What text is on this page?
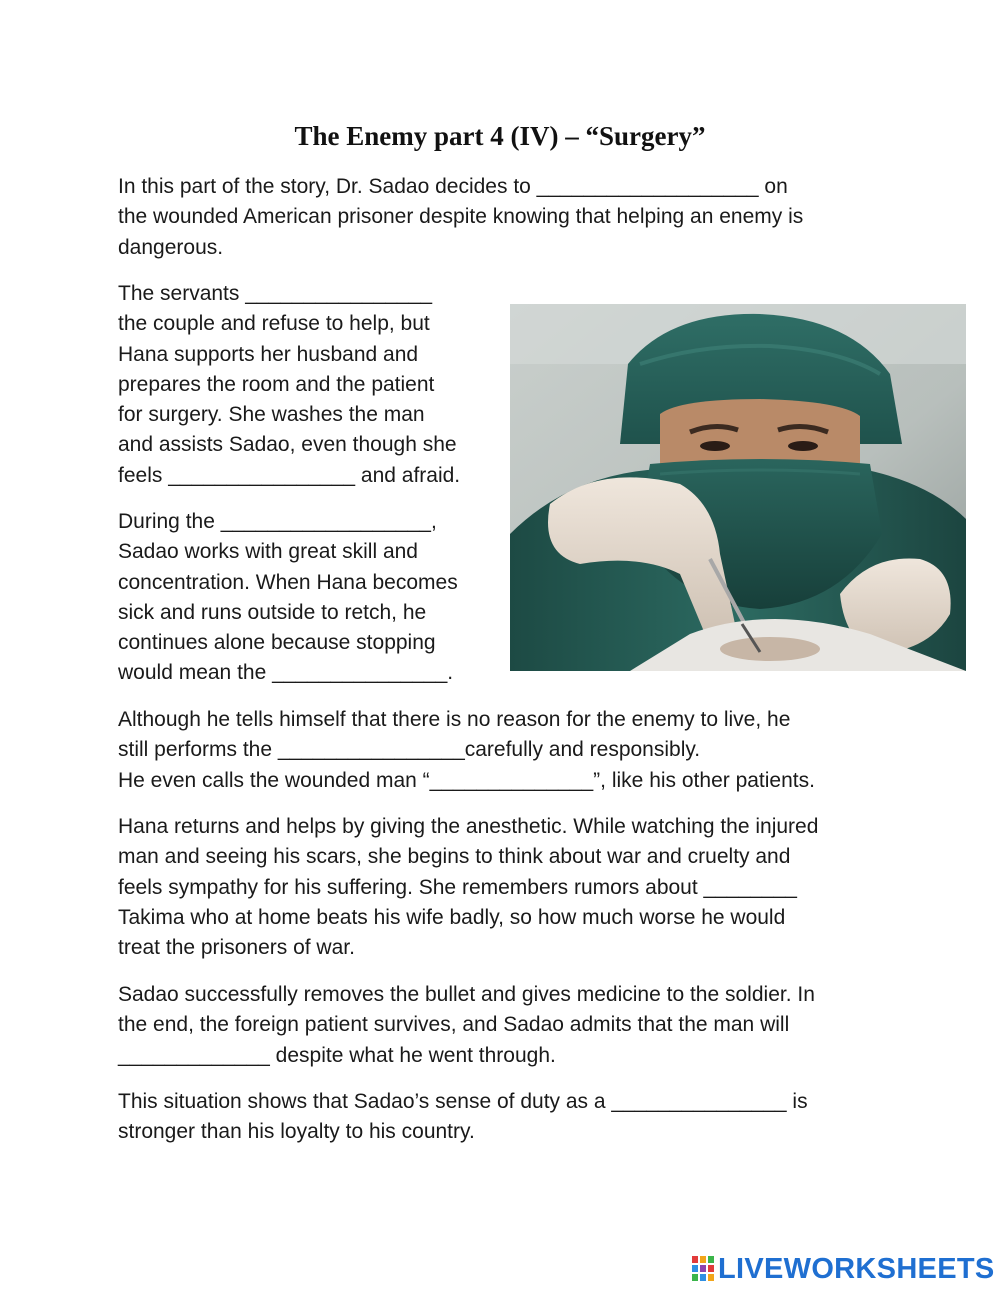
The Enemy part 4 (IV) – “Surgery”

In this part of the story, Dr. Sadao decides to ___________________ on
the wounded American prisoner despite knowing that helping an enemy is
dangerous.

The servants ________________
the couple and refuse to help, but
Hana supports her husband and
prepares the room and the patient
for surgery. She washes the man
and assists Sadao, even though she
feels ________________ and afraid.

During the __________________,
Sadao works with great skill and
concentration. When Hana becomes
sick and runs outside to retch, he
continues alone because stopping
would mean the _______________.

Although he tells himself that there is no reason for the enemy to live, he
still performs the ________________carefully and responsibly.
He even calls the wounded man “______________”, like his other patients.

Hana returns and helps by giving the anesthetic. While watching the injured
man and seeing his scars, she begins to think about war and cruelty and
feels sympathy for his suffering. She remembers rumors about ________
Takima who at home beats his wife badly, so how much worse he would
treat the prisoners of war.

Sadao successfully removes the bullet and gives medicine to the soldier. In
the end, the foreign patient survives, and Sadao admits that the man will
_____________ despite what he went through.

This situation shows that Sadao’s sense of duty as a _______________ is
stronger than his loyalty to his country.

LIVEWORKSHEETS
